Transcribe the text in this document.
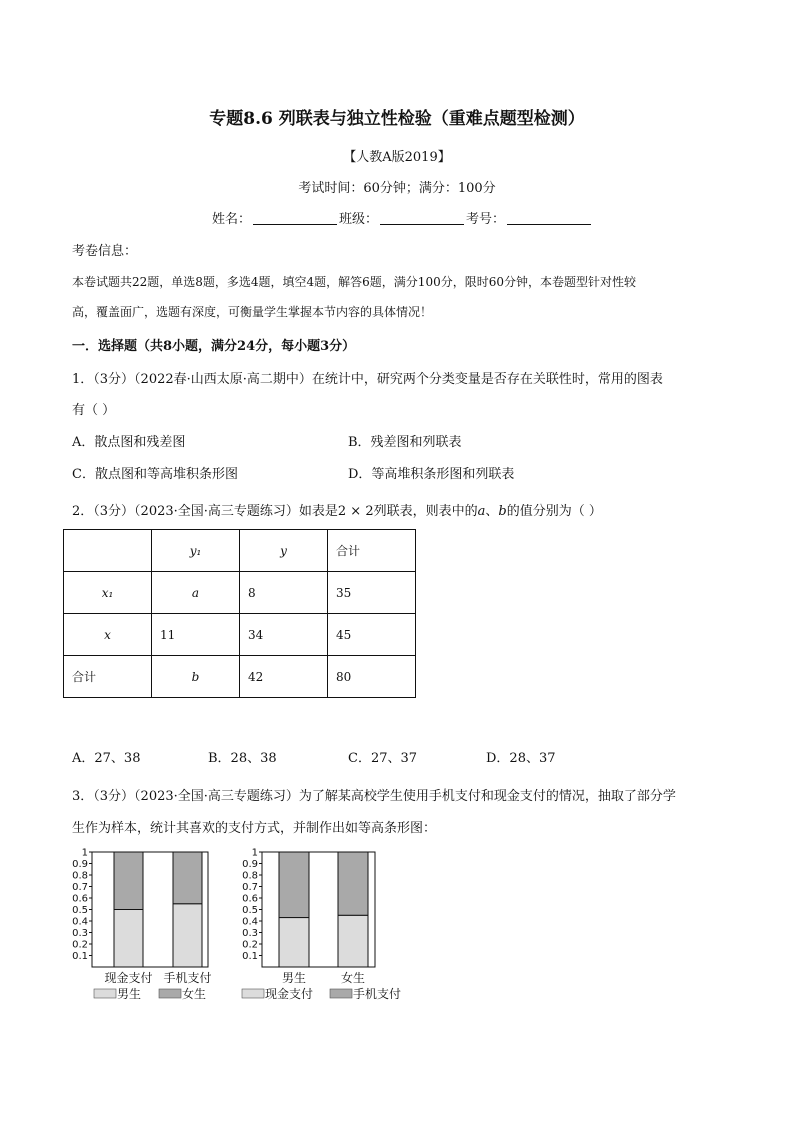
专题8.6 列联表与独立性检验（重难点题型检测）
【人教A版2019】
考试时间：60分钟；满分：100分
姓名：	班级：	考号：
考卷信息：
本卷试题共22题，单选8题，多选4题，填空4题，解答6题，满分100分，限时60分钟，本卷题型针对性较
高，覆盖面广，选题有深度，可衡量学生掌握本节内容的具体情况！
一．选择题（共8小题，满分24分，每小题3分）
1．（3分）（2022春·山西太原·高二期中）在统计中，研究两个分类变量是否存在关联性时，常用的图表
有（ ）
A．散点图和残差图	B．残差图和列联表
C．散点图和等高堆积条形图	D．等高堆积条形图和列联表
2．（3分）（2023·全国·高三专题练习）如表是2 × 2列联表，则表中的a、b的值分别为（ ）
	y₁	y	合计
x₁	a	8	35
x	11	34	45
合计	b	42	80
A．27、38	B．28、38	C．27、37	D．28、37
3．（3分）（2023·全国·高三专题练习）为了解某高校学生使用手机支付和现金支付的情况，抽取了部分学
生作为样本，统计其喜欢的支付方式，并制作出如等高条形图：
0.1
0.2
0.3
0.4
0.5
0.6
0.7
0.8
0.9
1
现金支付 手机支付
男生	女生
0.1
0.2
0.3
0.4
0.5
0.6
0.7
0.8
0.9
1
男生	女生
现金支付	手机支付
